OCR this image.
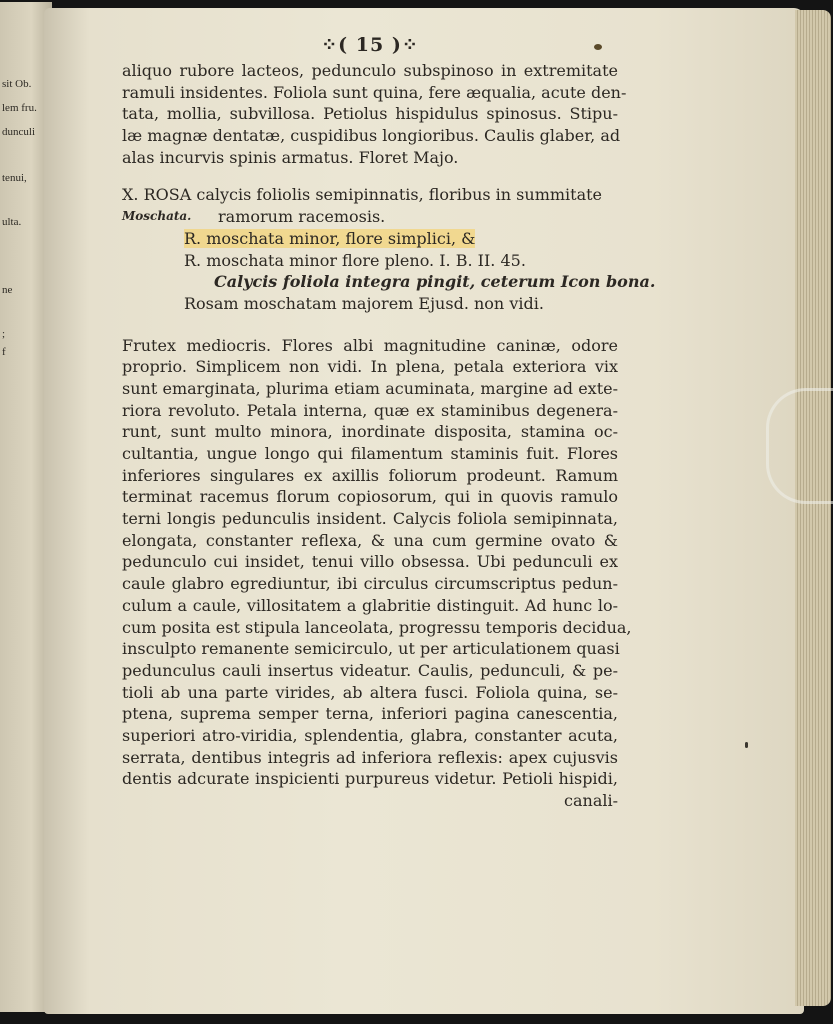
sit Ob.
lem fru.
dunculi
tenui,
ulta.
ne
;
f
⁘( 15 )⁘
aliquo rubore lacteos, pedunculo subspinoso in extremitate
ramuli insidentes. Foliola sunt quina, fere æqualia, acute den-
tata, mollia, subvillosa. Petiolus hispidulus spinosus. Stipu-
læ magnæ dentatæ, cuspidibus longioribus. Caulis glaber, ad
alas incurvis spinis armatus. Floret Majo.
X. ROSA calycis foliolis semipinnatis, floribus in summitate
Moschata. ramorum racemosis.
R. moschata minor, flore simplici, &
R. moschata minor flore pleno. I. B. II. 45.
Calycis foliola integra pingit, ceterum Icon bona.
Rosam moschatam majorem Ejusd. non vidi.
Frutex mediocris. Flores albi magnitudine caninæ, odore
proprio. Simplicem non vidi. In plena, petala exteriora vix
sunt emarginata, plurima etiam acuminata, margine ad exte-
riora revoluto. Petala interna, quæ ex staminibus degenera-
runt, sunt multo minora, inordinate disposita, stamina oc-
cultantia, ungue longo qui filamentum staminis fuit. Flores
inferiores singulares ex axillis foliorum prodeunt. Ramum
terminat racemus florum copiosorum, qui in quovis ramulo
terni longis pedunculis insident. Calycis foliola semipinnata,
elongata, constanter reflexa, & una cum germine ovato &
pedunculo cui insidet, tenui villo obsessa. Ubi pedunculi ex
caule glabro egrediuntur, ibi circulus circumscriptus pedun-
culum a caule, villositatem a glabritie distinguit. Ad hunc lo-
cum posita est stipula lanceolata, progressu temporis decidua,
insculpto remanente semicirculo, ut per articulationem quasi
pedunculus cauli insertus videatur. Caulis, pedunculi, & pe-
tioli ab una parte virides, ab altera fusci. Foliola quina, se-
ptena, suprema semper terna, inferiori pagina canescentia,
superiori atro-viridia, splendentia, glabra, constanter acuta,
serrata, dentibus integris ad inferiora reflexis: apex cujusvis
dentis adcurate inspicienti purpureus videtur. Petioli hispidi,
canali-
